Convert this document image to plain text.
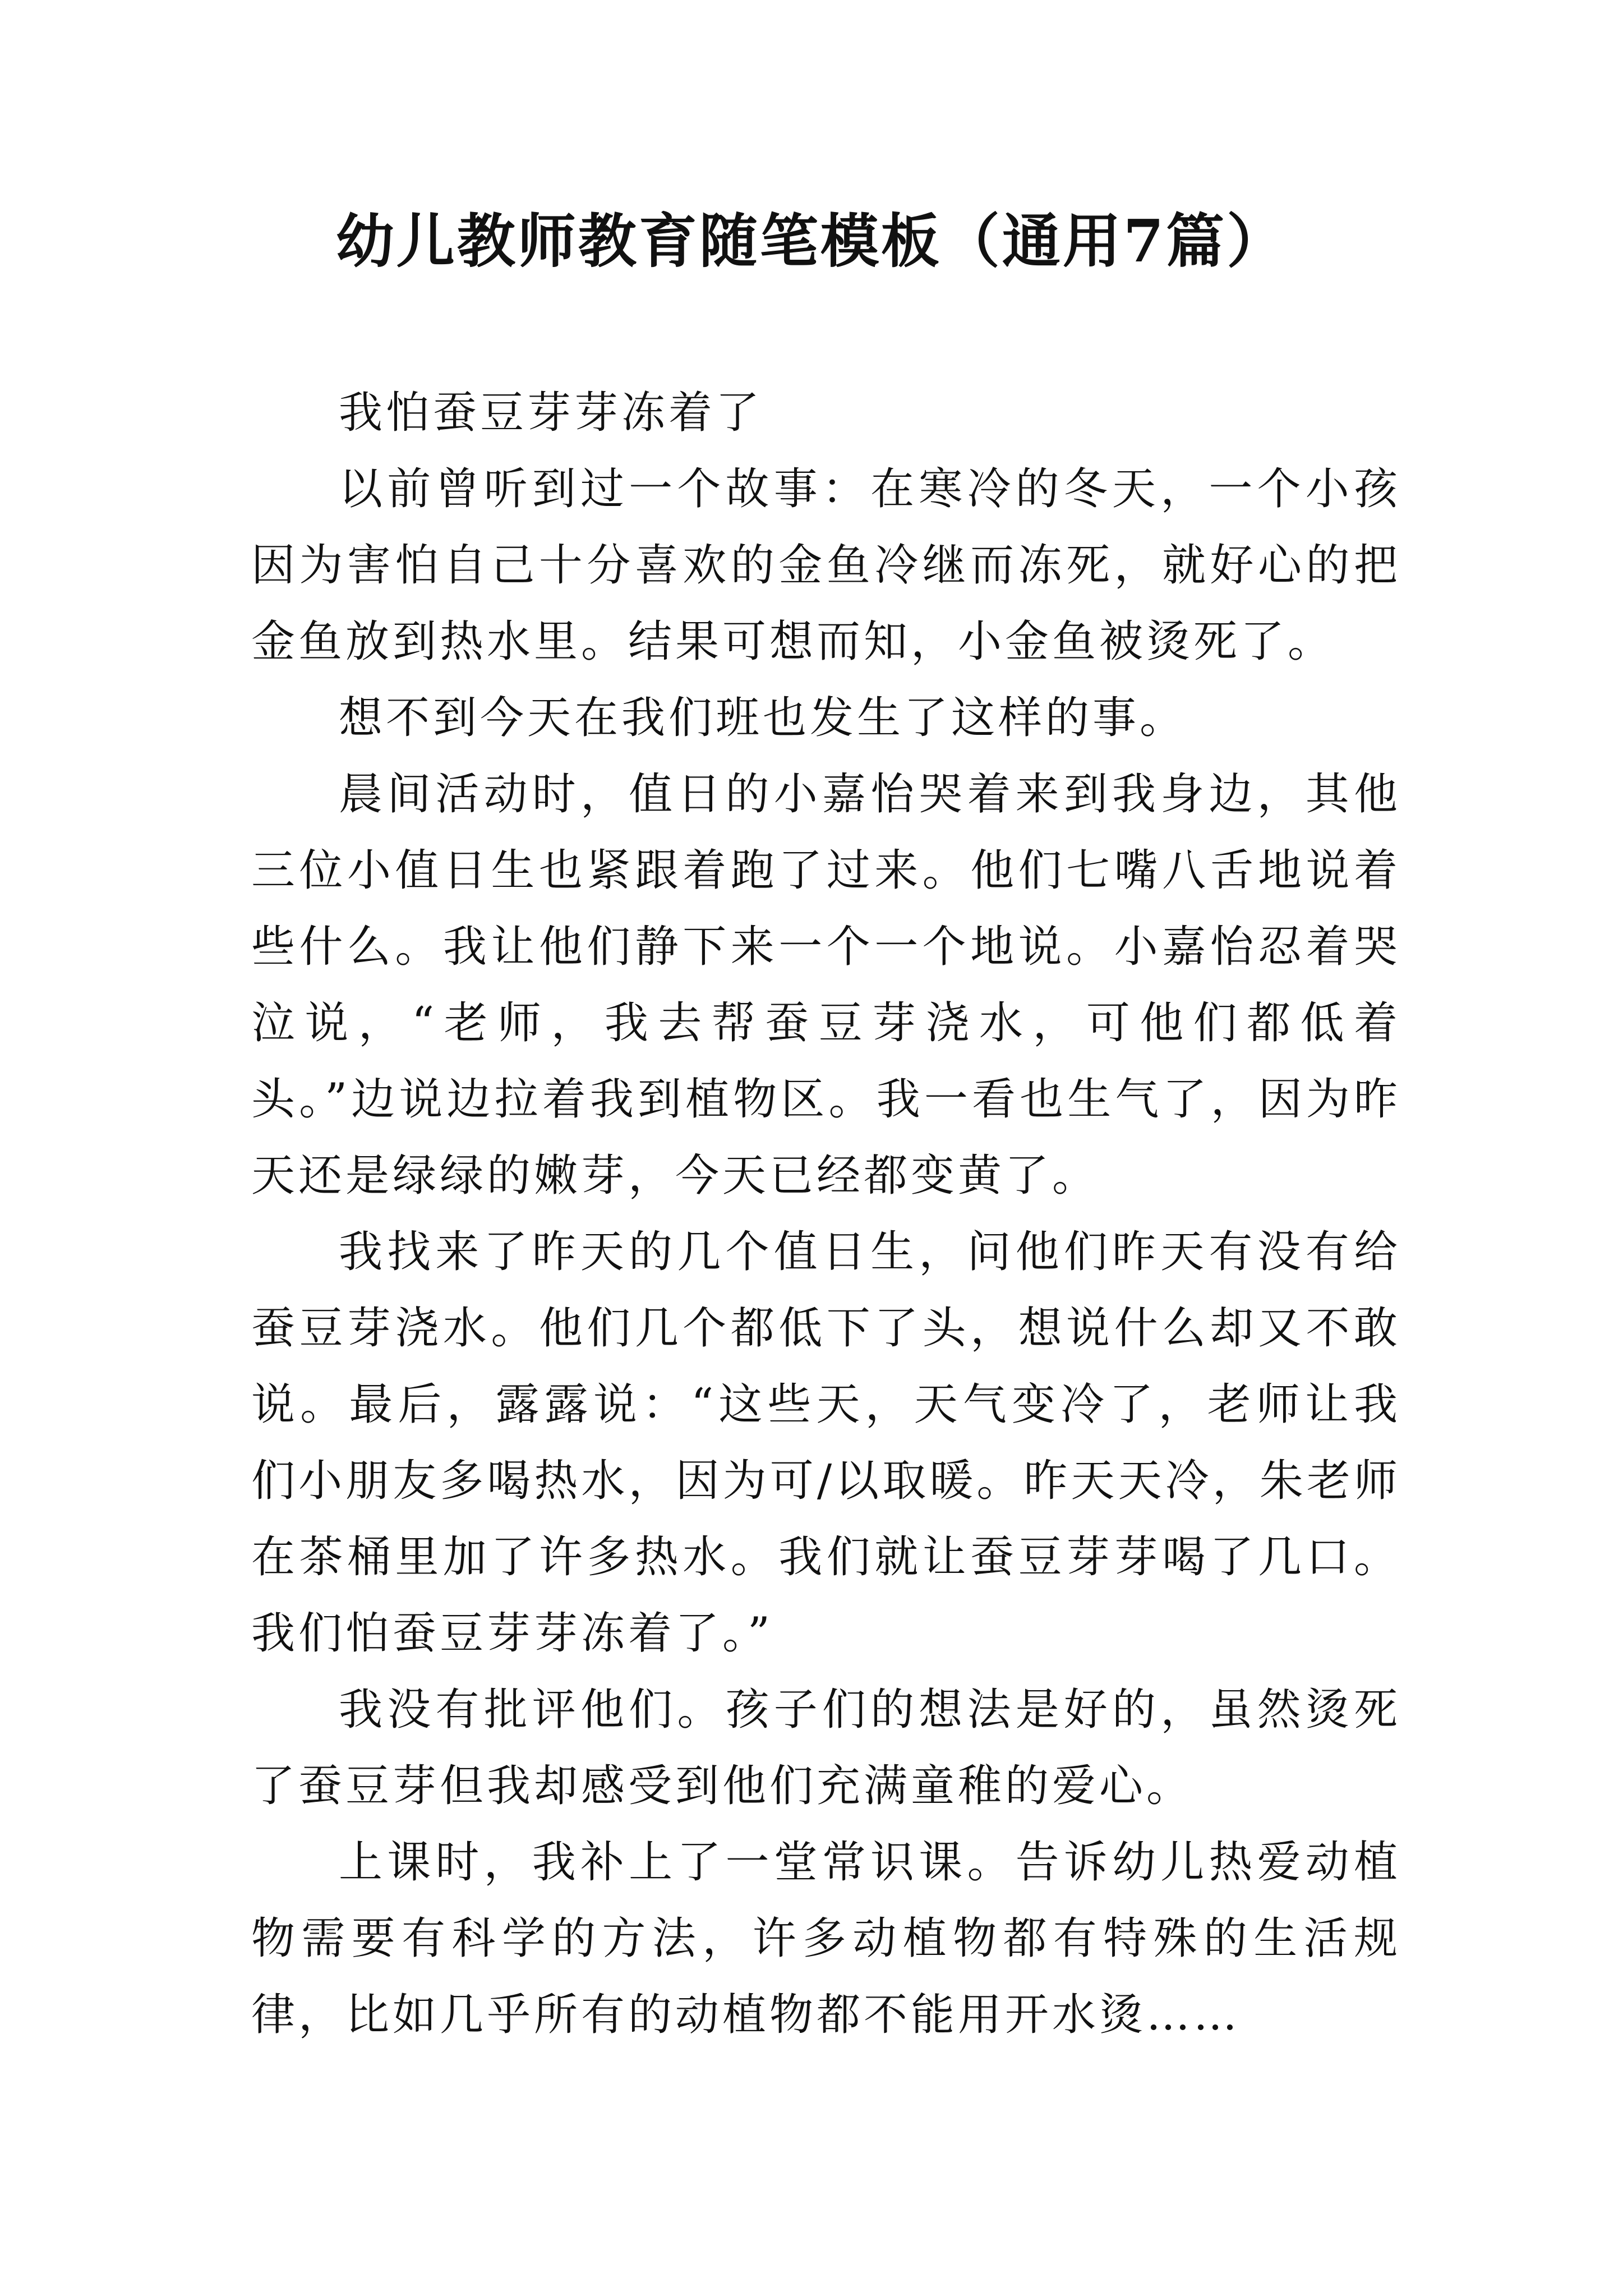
幼儿教师教育随笔模板（通用7篇）

我怕蚕豆芽芽冻着了

以前曾听到过一个故事：在寒冷的冬天，一个小孩因为害怕自己十分喜欢的金鱼冷继而冻死，就好心的把金鱼放到热水里。结果可想而知，小金鱼被烫死了。

想不到今天在我们班也发生了这样的事。

晨间活动时，值日的小嘉怡哭着来到我身边，其他三位小值日生也紧跟着跑了过来。他们七嘴八舌地说着些什么。我让他们静下来一个一个地说。小嘉怡忍着哭泣说，“老师，我去帮蚕豆芽浇水，可他们都低着头。”边说边拉着我到植物区。我一看也生气了，因为昨天还是绿绿的嫩芽，今天已经都变黄了。

我找来了昨天的几个值日生，问他们昨天有没有给蚕豆芽浇水。他们几个都低下了头，想说什么却又不敢说。最后，露露说：“这些天，天气变冷了，老师让我们小朋友多喝热水，因为可/以取暖。昨天天冷，朱老师在茶桶里加了许多热水。我们就让蚕豆芽芽喝了几口。我们怕蚕豆芽芽冻着了。”

我没有批评他们。孩子们的想法是好的，虽然烫死了蚕豆芽但我却感受到他们充满童稚的爱心。

上课时，我补上了一堂常识课。告诉幼儿热爱动植物需要有科学的方法，许多动植物都有特殊的生活规律，比如几乎所有的动植物都不能用开水烫……
